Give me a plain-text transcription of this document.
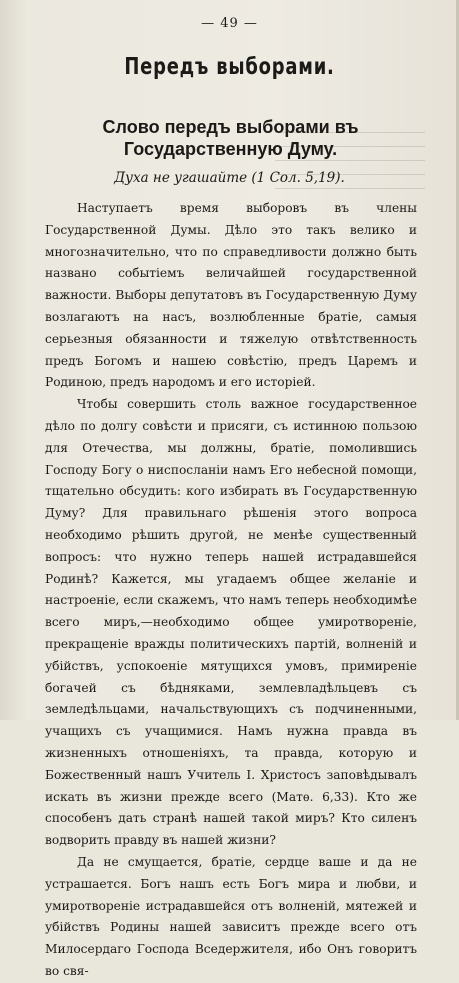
— 49 —
Передъ выборами.
Слово передъ выборами въ Государственную Думу.
Духа не угашайте (1 Сол. 5,19).

Наступаетъ время выборовъ въ члены Государственной Думы. Дѣло это такъ велико и многозначительно, что по справедливости должно быть названо событіемъ величайшей государственной важности. Выборы депутатовъ въ Государственную Думу возлагаютъ на насъ, возлюбленные братіе, самыя серьезныя обязанности и тяжелую отвѣтственность предъ Богомъ и нашею совѣстію, предъ Царемъ и Родиною, предъ народомъ и его исторіей.

Чтобы совершить столь важное государственное дѣло по долгу совѣсти и присяги, съ истинною пользою для Отечества, мы должны, братіе, помолившись Господу Богу о ниспосланіи намъ Его небесной помощи, тщательно обсудить: кого избирать въ Государственную Думу? Для правильнаго рѣшенія этого вопроса необходимо рѣшить другой, не менѣе существенный вопросъ: что нужно теперь нашей истрадавшейся Родинѣ? Кажется, мы угадаемъ общее желаніе и настроеніе, если скажемъ, что намъ теперь необходимѣе всего миръ,—необходимо общее умиротвореніе, прекращеніе вражды политическихъ партій, волненій и убійствъ, успокоеніе мятущихся умовъ, примиреніе богачей съ бѣдняками, землевладѣльцевъ съ земледѣльцами, начальствующихъ съ подчиненными, учащихъ съ учащимися. Намъ нужна правда въ жизненныхъ отношеніяхъ, та правда, которую и Божественный нашъ Учитель І. Христосъ заповѣдывалъ искать въ жизни прежде всего (Матѳ. 6,33). Кто же способенъ дать странѣ нашей такой миръ? Кто силенъ водворить правду въ нашей жизни?

Да не смущается, братіе, сердце ваше и да не устрашается. Богъ нашъ есть Богъ мира и любви, и умиротвореніе истрадавшейся отъ волненій, мятежей и убійствъ Родины нашей зависитъ прежде всего отъ Милосердаго Господа Вседержителя, ибо Онъ говоритъ во свя-
